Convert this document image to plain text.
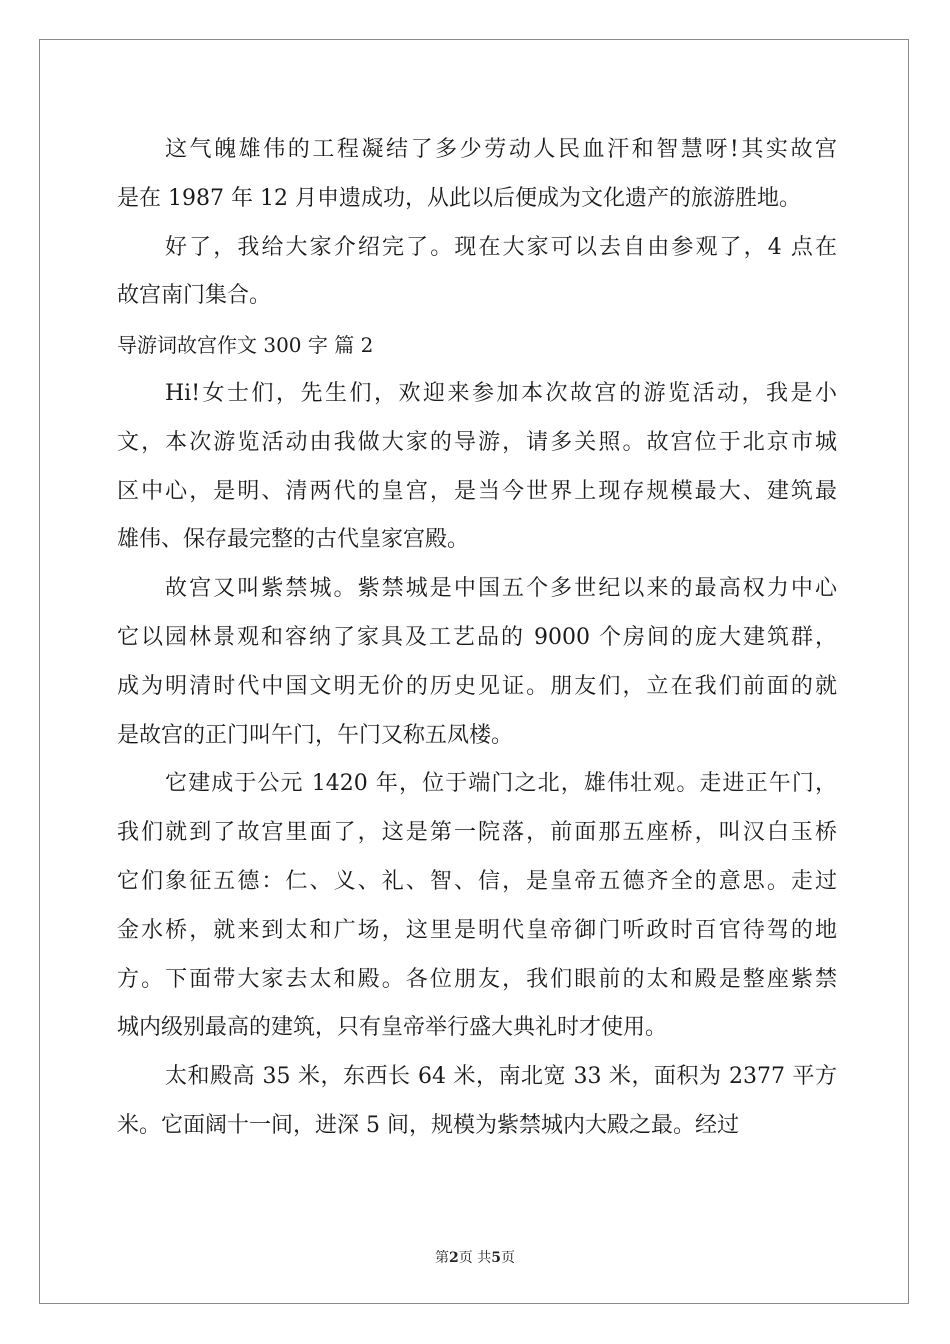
这气魄雄伟的工程凝结了多少劳动人民血汗和智慧呀!其实故宫
是在 1987 年 12 月申遗成功，从此以后便成为文化遗产的旅游胜地。
好了，我给大家介绍完了。现在大家可以去自由参观了，4 点在
故宫南门集合。
导游词故宫作文 300 字 篇 2
Hi!女士们，先生们，欢迎来参加本次故宫的游览活动，我是小
文，本次游览活动由我做大家的导游，请多关照。故宫位于北京市城
区中心，是明、清两代的皇宫，是当今世界上现存规模最大、建筑最
雄伟、保存最完整的古代皇家宫殿。
故宫又叫紫禁城。紫禁城是中国五个多世纪以来的最高权力中心
它以园林景观和容纳了家具及工艺品的 9000 个房间的庞大建筑群，
成为明清时代中国文明无价的历史见证。朋友们，立在我们前面的就
是故宫的正门叫午门，午门又称五凤楼。
它建成于公元 1420 年，位于端门之北，雄伟壮观。走进正午门，
我们就到了故宫里面了，这是第一院落，前面那五座桥，叫汉白玉桥
它们象征五德：仁、义、礼、智、信，是皇帝五德齐全的意思。走过
金水桥，就来到太和广场，这里是明代皇帝御门听政时百官待驾的地
方。下面带大家去太和殿。各位朋友，我们眼前的太和殿是整座紫禁
城内级别最高的建筑，只有皇帝举行盛大典礼时才使用。
太和殿高 35 米，东西长 64 米，南北宽 33 米，面积为 2377 平方
米。它面阔十一间，进深 5 间，规模为紫禁城内大殿之最。经过
第2页 共5页
